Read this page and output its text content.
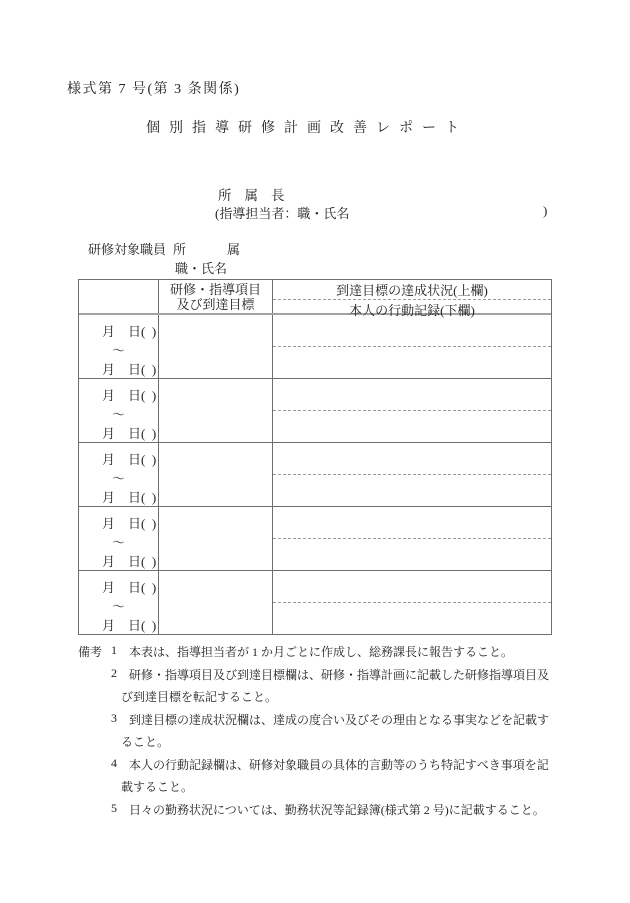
様式第 7 号(第 3 条関係)
個別指導研修計画改善レポート
所属長
(指導担当者：職・氏名	)
研修対象職員 所	属
職・氏名
研修・指導項目
及び到達目標
到達目標の達成状況(上欄)
本人の行動記録(下欄)
月　日(  )
～
月　日(  )
月　日(  )
～
月　日(  )
月　日(  )
～
月　日(  )
月　日(  )
～
月　日(  )
月　日(  )
～
月　日(  )

備考

1

本表は、指導担当者が 1 か月ごとに作成し、総務課長に報告すること。

2

研修・指導項目及び到達目標欄は、研修・指導計画に記載した研修指導項目及

び到達目標を転記すること。

3

到達目標の達成状況欄は、達成の度合い及びその理由となる事実などを記載す

ること。

4

本人の行動記録欄は、研修対象職員の具体的言動等のうち特記すべき事項を記

載すること。

5

日々の勤務状況については、勤務状況等記録簿(様式第 2 号)に記載すること。
